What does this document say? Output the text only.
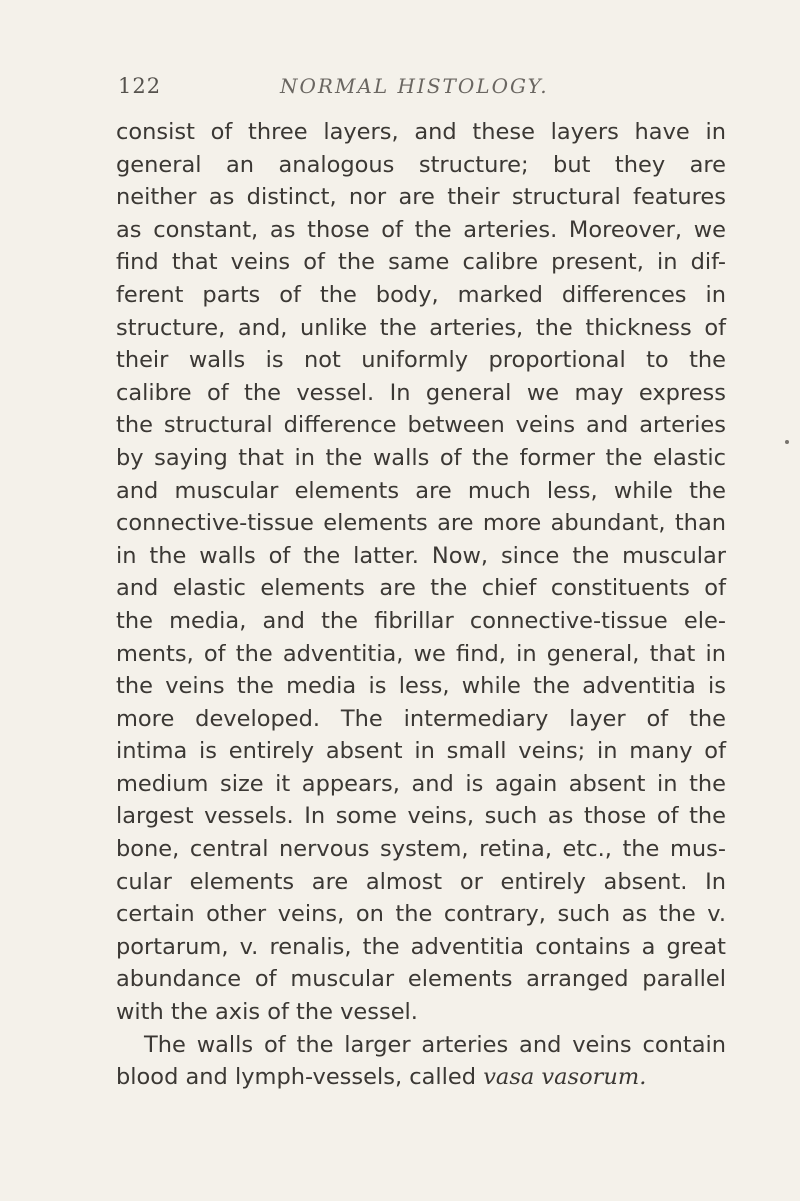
122	NORMAL HISTOLOGY.
consist of three layers, and these layers have in
general an analogous structure; but they are
neither as distinct, nor are their structural features
as constant, as those of the arteries. Moreover, we
find that veins of the same calibre present, in dif-
ferent parts of the body, marked differences in
structure, and, unlike the arteries, the thickness of
their walls is not uniformly proportional to the
calibre of the vessel. In general we may express
the structural difference between veins and arteries
by saying that in the walls of the former the elastic
and muscular elements are much less, while the
connective-tissue elements are more abundant, than
in the walls of the latter. Now, since the muscular
and elastic elements are the chief constituents of
the media, and the fibrillar connective-tissue ele-
ments, of the adventitia, we find, in general, that in
the veins the media is less, while the adventitia is
more developed. The intermediary layer of the
intima is entirely absent in small veins; in many of
medium size it appears, and is again absent in the
largest vessels. In some veins, such as those of the
bone, central nervous system, retina, etc., the mus-
cular elements are almost or entirely absent. In
certain other veins, on the contrary, such as the v.
portarum, v. renalis, the adventitia contains a great
abundance of muscular elements arranged parallel
with the axis of the vessel.
The walls of the larger arteries and veins contain
blood and lymph-vessels, called vasa vasorum.
